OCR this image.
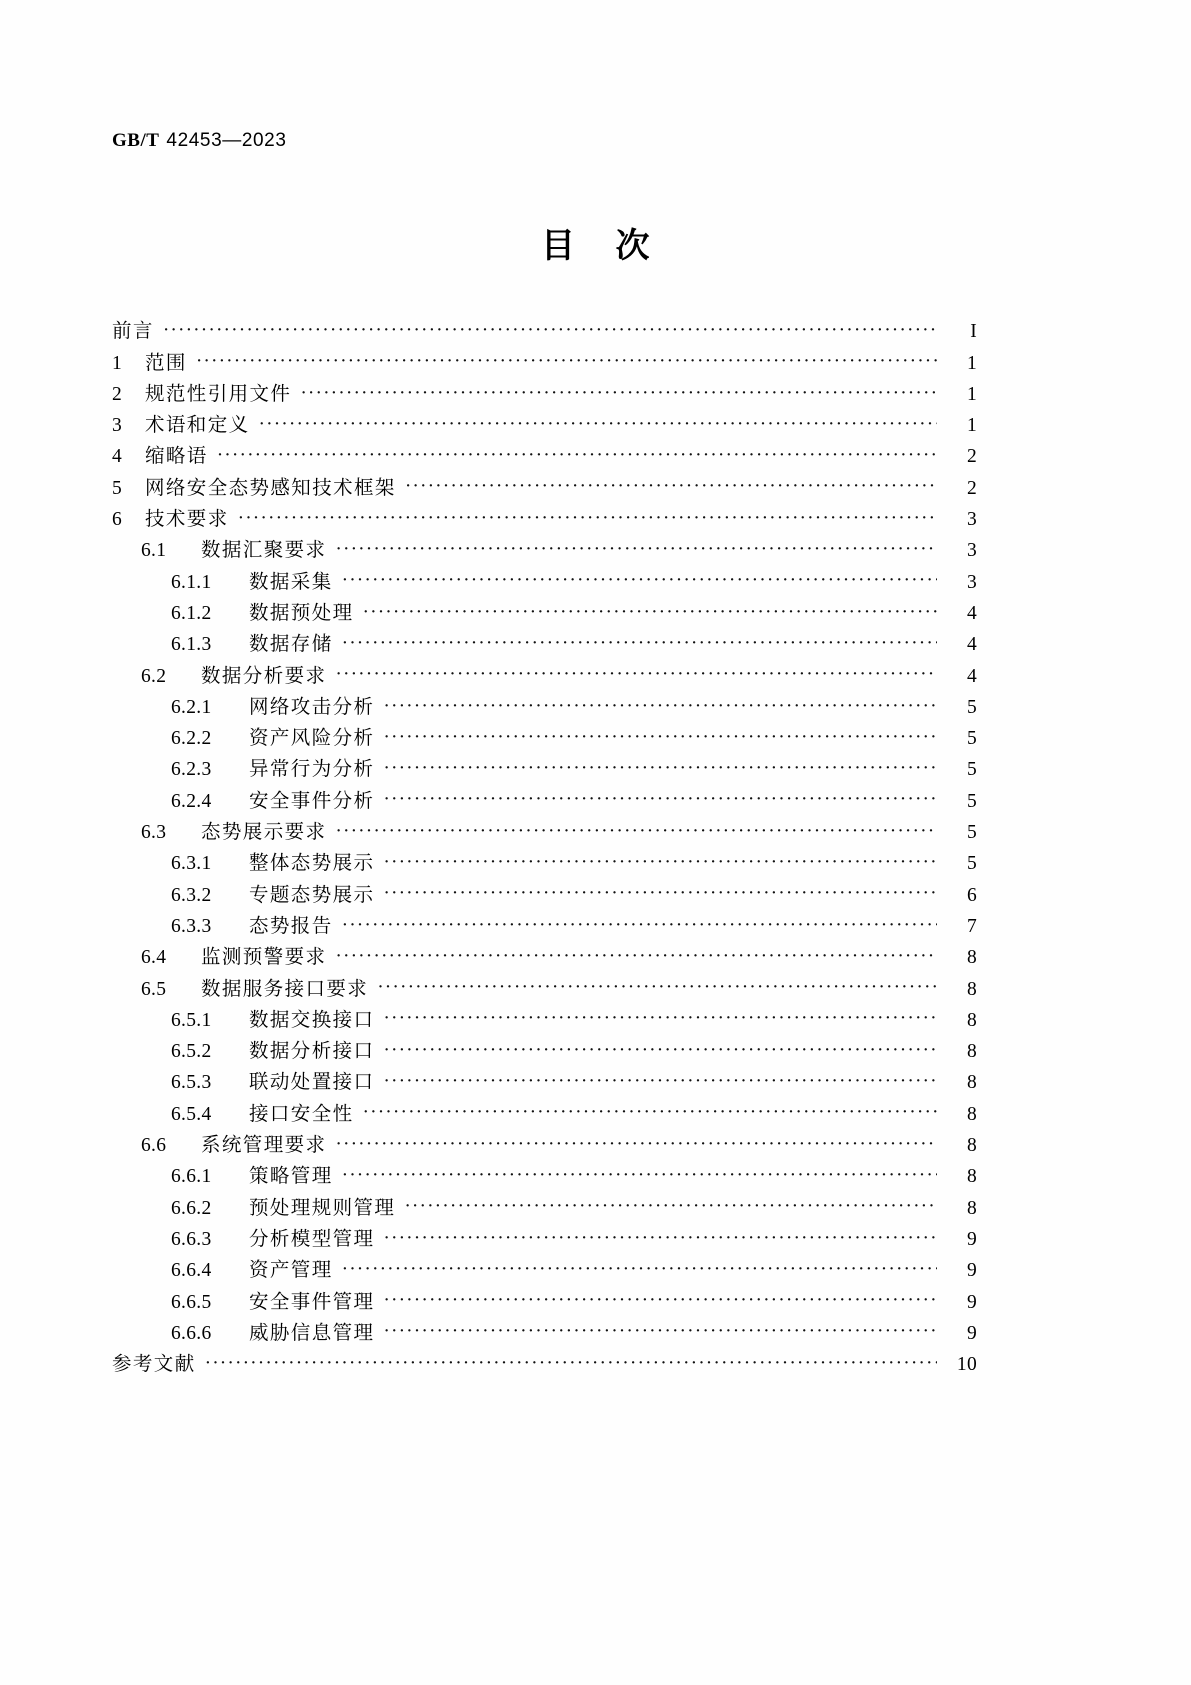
GB/T 42453—2023
目 次
前言 ·····	I
1	范围 ·····	1
2	规范性引用文件 ·····	1
3	术语和定义 ·····	1
4	缩略语 ·····	2
5	网络安全态势感知技术框架 ·····	2
6	技术要求 ·····	3
6.1	数据汇聚要求 ·····	3
6.1.1	数据采集 ·····	3
6.1.2	数据预处理 ·····	4
6.1.3	数据存储 ·····	4
6.2	数据分析要求 ·····	4
6.2.1	网络攻击分析 ·····	5
6.2.2	资产风险分析 ·····	5
6.2.3	异常行为分析 ·····	5
6.2.4	安全事件分析 ·····	5
6.3	态势展示要求 ·····	5
6.3.1	整体态势展示 ·····	5
6.3.2	专题态势展示 ·····	6
6.3.3	态势报告 ·····	7
6.4	监测预警要求 ·····	8
6.5	数据服务接口要求 ·····	8
6.5.1	数据交换接口 ·····	8
6.5.2	数据分析接口 ·····	8
6.5.3	联动处置接口 ·····	8
6.5.4	接口安全性 ·····	8
6.6	系统管理要求 ·····	8
6.6.1	策略管理 ·····	8
6.6.2	预处理规则管理 ·····	8
6.6.3	分析模型管理 ·····	9
6.6.4	资产管理 ·····	9
6.6.5	安全事件管理 ·····	9
6.6.6	威胁信息管理 ·····	9
参考文献 ·····	10
